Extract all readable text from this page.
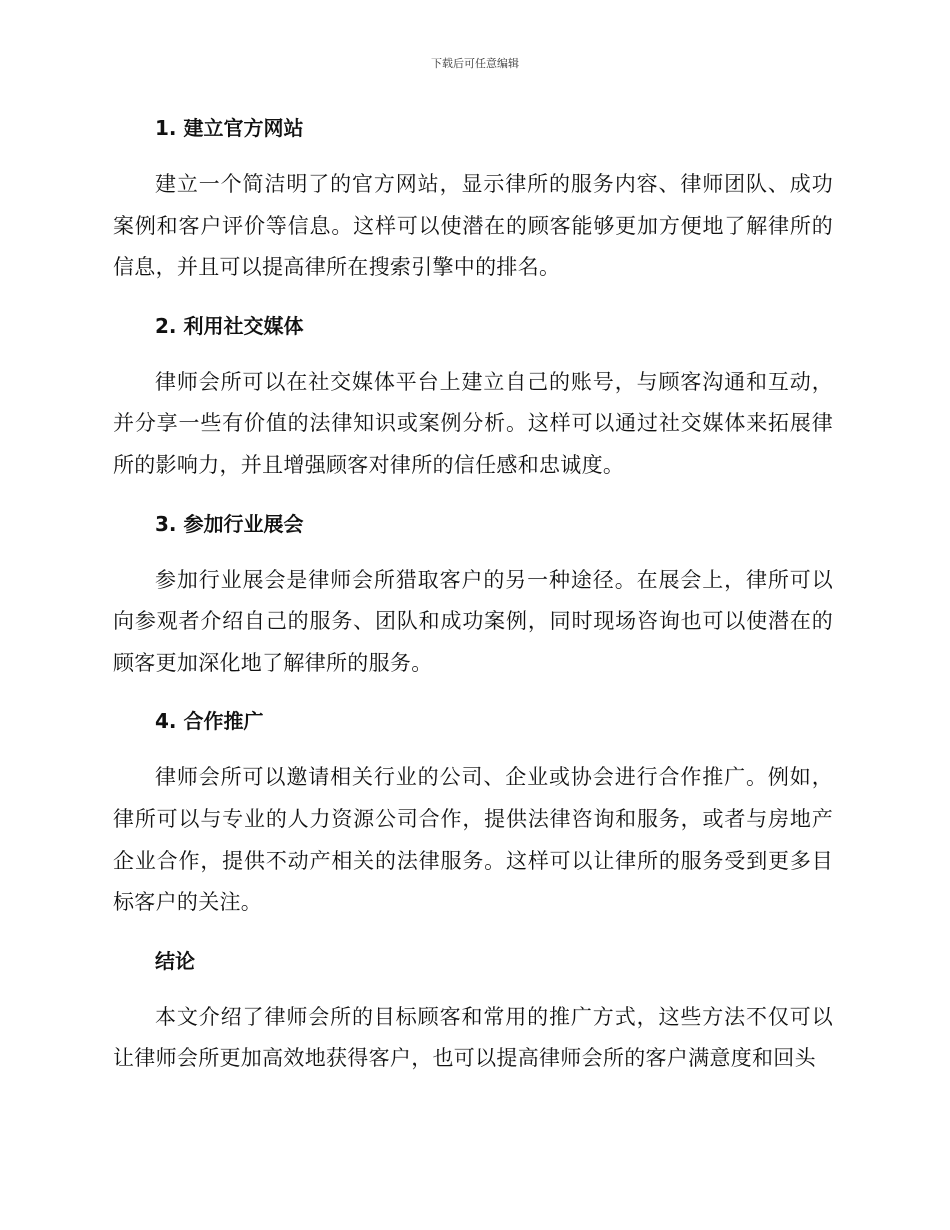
下载后可任意编辑
1. 建立官方网站

建立一个简洁明了的官方网站，显示律所的服务内容、律师团队、成功案例和客户评价等信息。这样可以使潜在的顾客能够更加方便地了解律所的信息，并且可以提高律所在搜索引擎中的排名。

2. 利用社交媒体

律师会所可以在社交媒体平台上建立自己的账号，与顾客沟通和互动，并分享一些有价值的法律知识或案例分析。这样可以通过社交媒体来拓展律所的影响力，并且增强顾客对律所的信任感和忠诚度。

3. 参加行业展会

参加行业展会是律师会所猎取客户的另一种途径。在展会上，律所可以向参观者介绍自己的服务、团队和成功案例，同时现场咨询也可以使潜在的顾客更加深化地了解律所的服务。

4. 合作推广

律师会所可以邀请相关行业的公司、企业或协会进行合作推广。例如，律所可以与专业的人力资源公司合作，提供法律咨询和服务，或者与房地产企业合作，提供不动产相关的法律服务。这样可以让律所的服务受到更多目标客户的关注。

结论

本文介绍了律师会所的目标顾客和常用的推广方式，这些方法不仅可以让律师会所更加高效地获得客户，也可以提高律师会所的客户满意度和回头
